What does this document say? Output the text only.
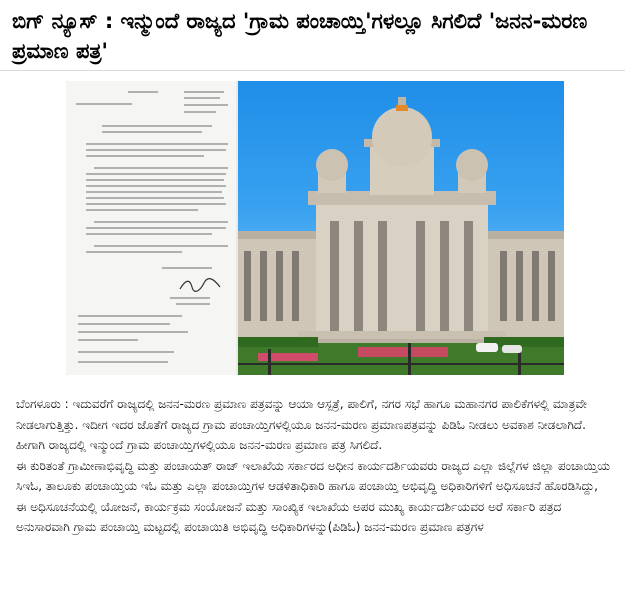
ಬಿಗ್ ನ್ಯೂಸ್ : ಇನ್ಮುಂದೆ ರಾಜ್ಯದ 'ಗ್ರಾಮ ಪಂಚಾಯ್ತಿ'ಗಳಲ್ಲೂ ಸಿಗಲಿದೆ 'ಜನನ-ಮರಣ ಪ್ರಮಾಣ ಪತ್ರ'

ಬೆಂಗಳೂರು : ಇದುವರೆಗೆ ರಾಜ್ಯದಲ್ಲಿ ಜನನ-ಮರಣ ಪ್ರಮಾಣ ಪತ್ರವನ್ನು ಆಯಾ ಆಸ್ಪತ್ರೆ, ಪಾಲಿಗೆ, ನಗರ ಸಭೆ ಹಾಗೂ ಮಹಾನಗರ ಪಾಲಿಕೆಗಳಲ್ಲಿ ಮಾತ್ರವೇ ನೀಡಲಾಗುತ್ತಿತ್ತು. ಇದೀಗ ಇದರ ಜೊತೆಗೆ ರಾಜ್ಯದ ಗ್ರಾಮ ಪಂಚಾಯ್ತಿಗಳಲ್ಲಿಯೂ ಜನನ-ಮರಣ ಪ್ರಮಾಣಪತ್ರವನ್ನು ಪಿಡಿಓ ನೀಡಲು ಅವಕಾಶ ನೀಡಲಾಗಿದೆ. ಹೀಗಾಗಿ ರಾಜ್ಯದಲ್ಲಿ ಇನ್ಮುಂದೆ ಗ್ರಾಮ ಪಂಚಾಯ್ತಿಗಳಲ್ಲಿಯೂ ಜನನ-ಮರಣ ಪ್ರಮಾಣ ಪತ್ರ ಸಿಗಲಿದೆ.

ಈ ಕುರಿತಂತೆ ಗ್ರಾಮೀಣಾಭಿವೃದ್ಧಿ ಮತ್ತು ಪಂಚಾಯತ್ ರಾಜ್ ಇಲಾಖೆಯ ಸರ್ಕಾರದ ಅಧೀನ ಕಾರ್ಯದರ್ಶಿಯವರು ರಾಜ್ಯದ ಎಲ್ಲಾ ಜಿಲ್ಲೆಗಳ ಜಿಲ್ಲಾ ಪಂಚಾಯ್ತಿಯ ಸಿಇಓ, ತಾಲೂಕು ಪಂಚಾಯ್ತಿಯ ಇಓ ಮತ್ತು ಎಲ್ಲಾ ಪಂಚಾಯ್ತಿಗಳ ಆಡಳಿತಾಧಿಕಾರಿ ಹಾಗೂ ಪಂಚಾಯ್ತಿ ಅಭಿವೃದ್ಧಿ ಅಧಿಕಾರಿಗಳಿಗೆ ಅಧಿಸೂಚನೆ ಹೊರಡಿಸಿದ್ದು, ಈ ಅಧಿಸೂಚನೆಯಲ್ಲಿ ಯೋಜನೆ, ಕಾರ್ಯಕ್ರಮ ಸಂಯೋಜನೆ ಮತ್ತು ಸಾಂಖ್ಯಿಕ ಇಲಾಖೆಯ ಅಪರ ಮುಖ್ಯ ಕಾರ್ಯದರ್ಶಿಯವರ ಅರೆ ಸರ್ಕಾರಿ ಪತ್ರದ ಅನುಸಾರವಾಗಿ ಗ್ರಾಮ ಪಂಚಾಯ್ತಿ ಮಟ್ಟದಲ್ಲಿ ಪಂಚಾಯಿತಿ ಅಭಿವೃದ್ಧಿ ಅಧಿಕಾರಿಗಳನ್ನು(ಪಿಡಿಓ) ಜನನ-ಮರಣ ಪ್ರಮಾಣ ಪತ್ರಗಳ
